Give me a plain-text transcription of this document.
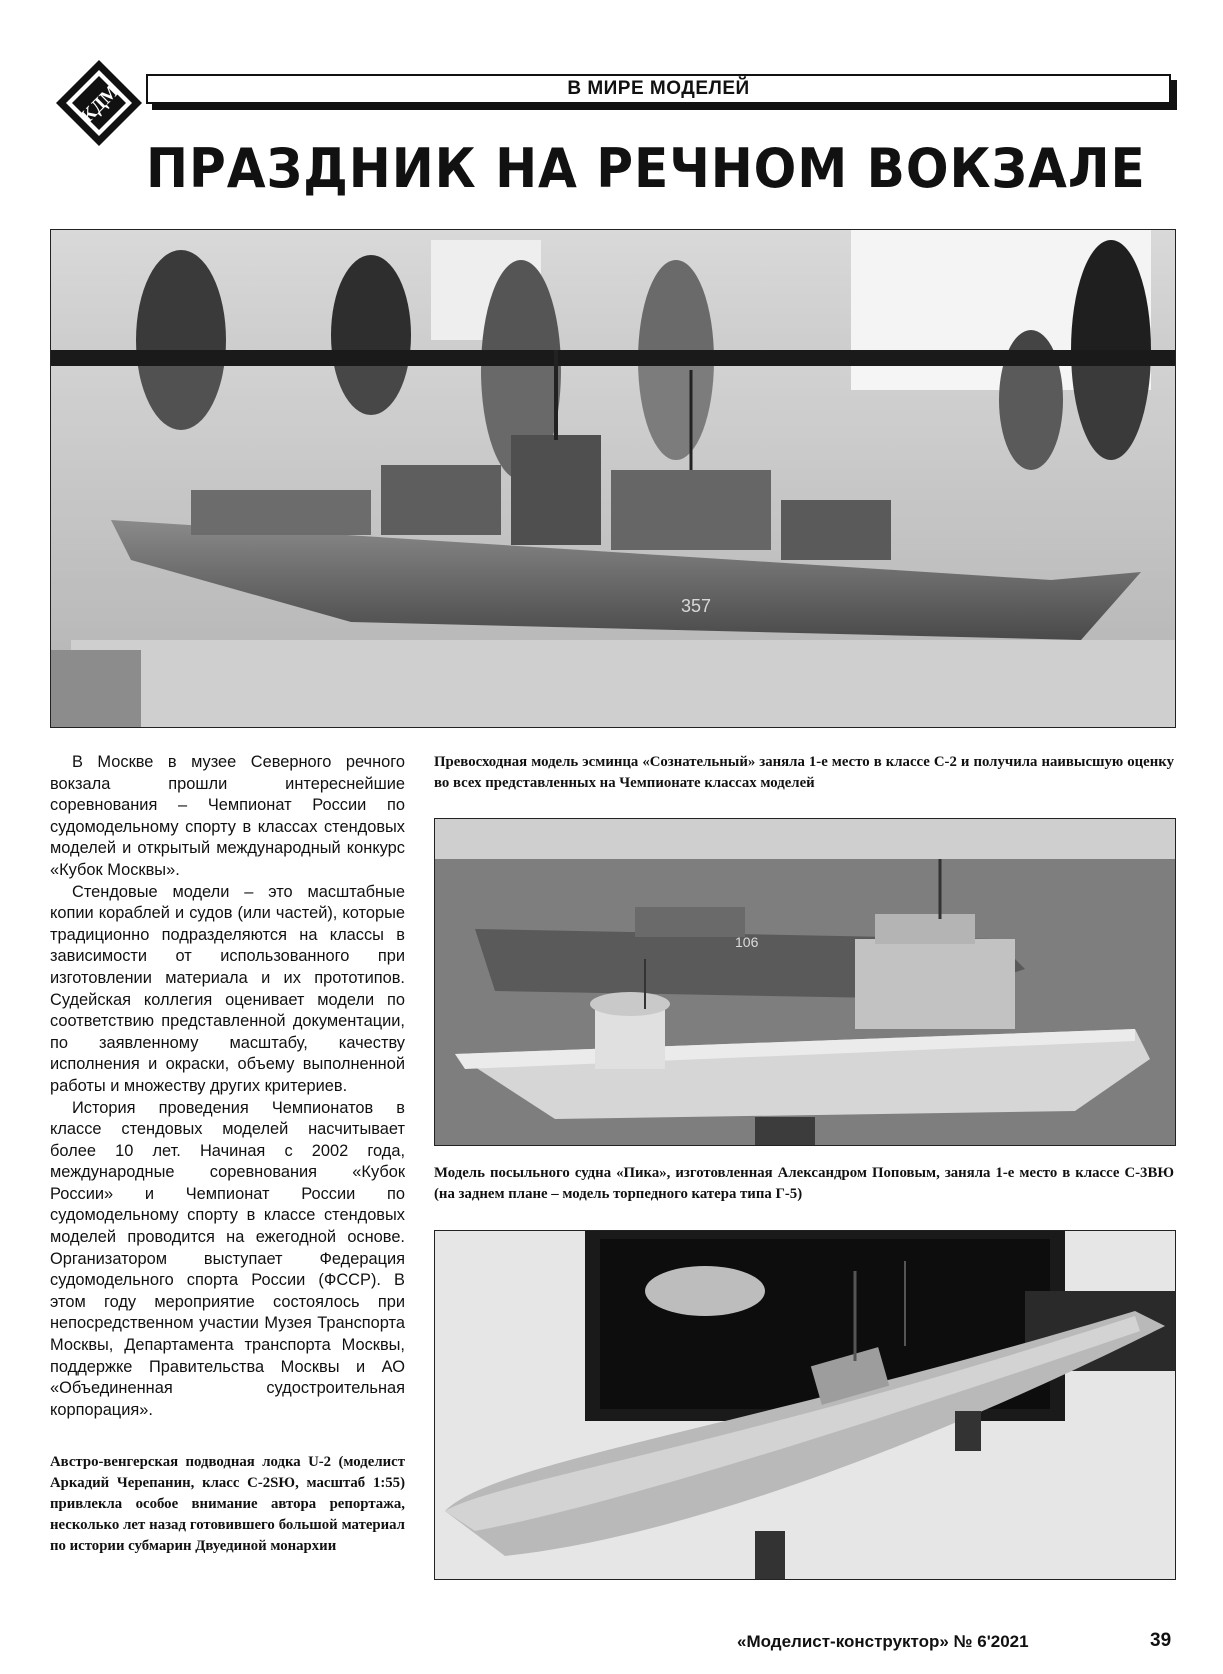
КДМ	В МИРЕ МОДЕЛЕЙ
ПРАЗДНИК НА РЕЧНОМ ВОКЗАЛЕ
357

В Москве в музее Северного речного вокзала прошли интереснейшие соревнования – Чемпионат России по судомодельному спорту в классах стендовых моделей и открытый международный конкурс «Кубок Москвы».

Стендовые модели – это масштабные копии кораблей и судов (или частей), которые традиционно подразделяются на классы в зависимости от использованного при изготовлении материала и их прототипов. Судейская коллегия оценивает модели по соответствию представленной документации, по заявленному масштабу, качеству исполнения и окраски, объему выполненной работы и множеству других критериев.

История проведения Чемпионатов в классе стендовых моделей насчитывает более 10 лет. Начиная с 2002 года, международные соревнования «Кубок России» и Чемпионат России по судомодельному спорту в классе стендовых моделей проводится на ежегодной основе. Организатором выступает Федерация судомодельного спорта России (ФССР). В этом году мероприятие состоялось при непосредственном участии Музея Транспорта Москвы, Департамента транспорта Москвы, поддержке Правительства Москвы и АО «Объединенная судостроительная корпорация».

Превосходная модель эсминца «Сознательный» заняла 1-е место в классе С-2 и получила наивысшую оценку во всех представленных на Чемпионате классах моделей
106
Модель посыльного судна «Пика», изготовленная Александром Поповым, заняла 1-е место в классе С-3ВЮ (на заднем плане – модель торпедного катера типа Г-5)
Австро-венгерская подводная лодка U-2 (моделист Аркадий Черепанин, класс С-2SЮ, масштаб 1:55) привлекла особое внимание автора репортажа, несколько лет назад готовившего большой материал по истории субмарин Двуединой монархии
«Моделист-конструктор» № 6'2021	39
